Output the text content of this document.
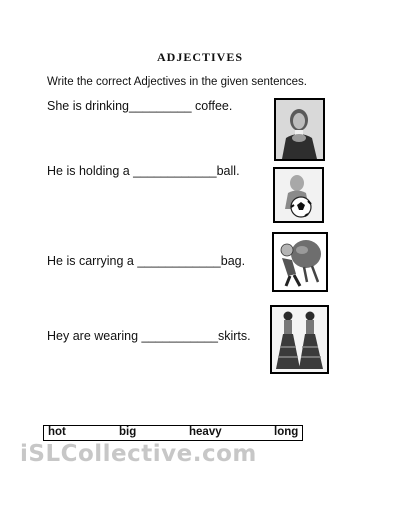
ADJECTIVES
Write the correct Adjectives in the given sentences.
She is drinking_________ coffee.
He is holding a ____________ball.
He is carrying a ____________bag.
Hey are wearing ___________skirts.
hot	big	heavy	long
iSLCollective.com
